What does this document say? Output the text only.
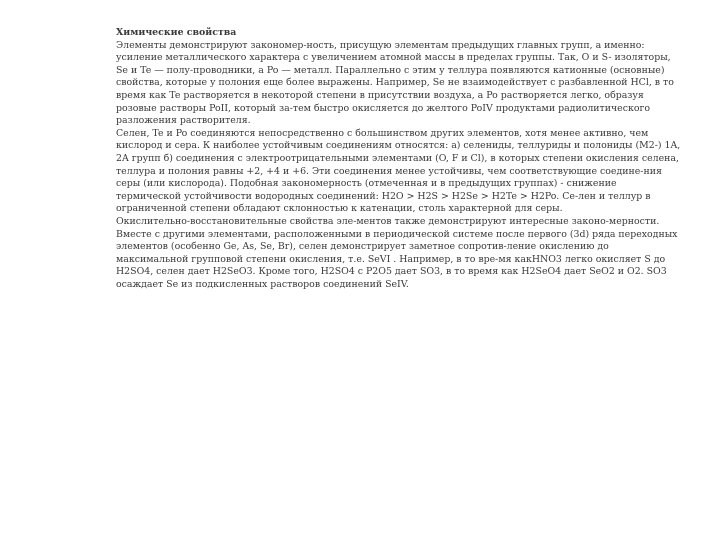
Химические свойства

Элементы демонстрируют закономер-ность, присущую элементам предыдущих главных групп, а именно: усиление металлического характера с увеличением атомной массы в пределах группы. Так, O и S- изоляторы, Se и Te — полу-проводники, а Po — металл. Параллельно с этим у теллура появляются катионные (основные) свойства, которые у полония еще более выражены. Например, Se не взаимодействует с разбавленной HCl, в то время как Te растворяется в некоторой степени в присутствии воздуха, а Po растворяется легко, образуя розовые растворы PoII, который за-тем быстро окисляется до желтого PoIV продуктами радиолитического разложения растворителя.

Селен, Te и Po соединяются непосредственно с большинством других элементов, хотя менее активно, чем кислород и сера. К наиболее устойчивым соединениям относятся: а) селениды, теллуриды и полониды (M2-) 1A, 2A групп б) соединения с электроотрицательными элементами (O, F и Cl), в которых степени окисления селена, теллура и полония равны +2, +4 и +6. Эти соединения менее устойчивы, чем соответствующие соедине-ния серы (или кислорода). Подобная закономерность (отмеченная и в предыдущих группах) - снижение термической устойчивости водородных соединений: H2O > H2S > H2Se > H2Te > H2Po. Се-лен и теллур в ограниченной степени обладают склонностью к катенации, столь характерной для серы.

Окислительно-восстановительные свойства эле-ментов также демонстрируют интересные законо-мерности. Вместе с другими элементами, расположенными в периодической системе после первого (3d) ряда переходных элементов (особенно Ge, As, Se, Br), селен демонстрирует заметное сопротив-ление окислению до максимальной групповой степени окисления, т.е. SeVI . Например, в то вре-мя какHNO3 легко окисляет S до H2SO4, селен дает H2SeO3. Кроме того, H2SO4 с P2O5 дает SO3, в то время как H2SeO4 дает SeO2 и O2. SO3 осаждает Se из подкисленных растворов соединений SeIV.
